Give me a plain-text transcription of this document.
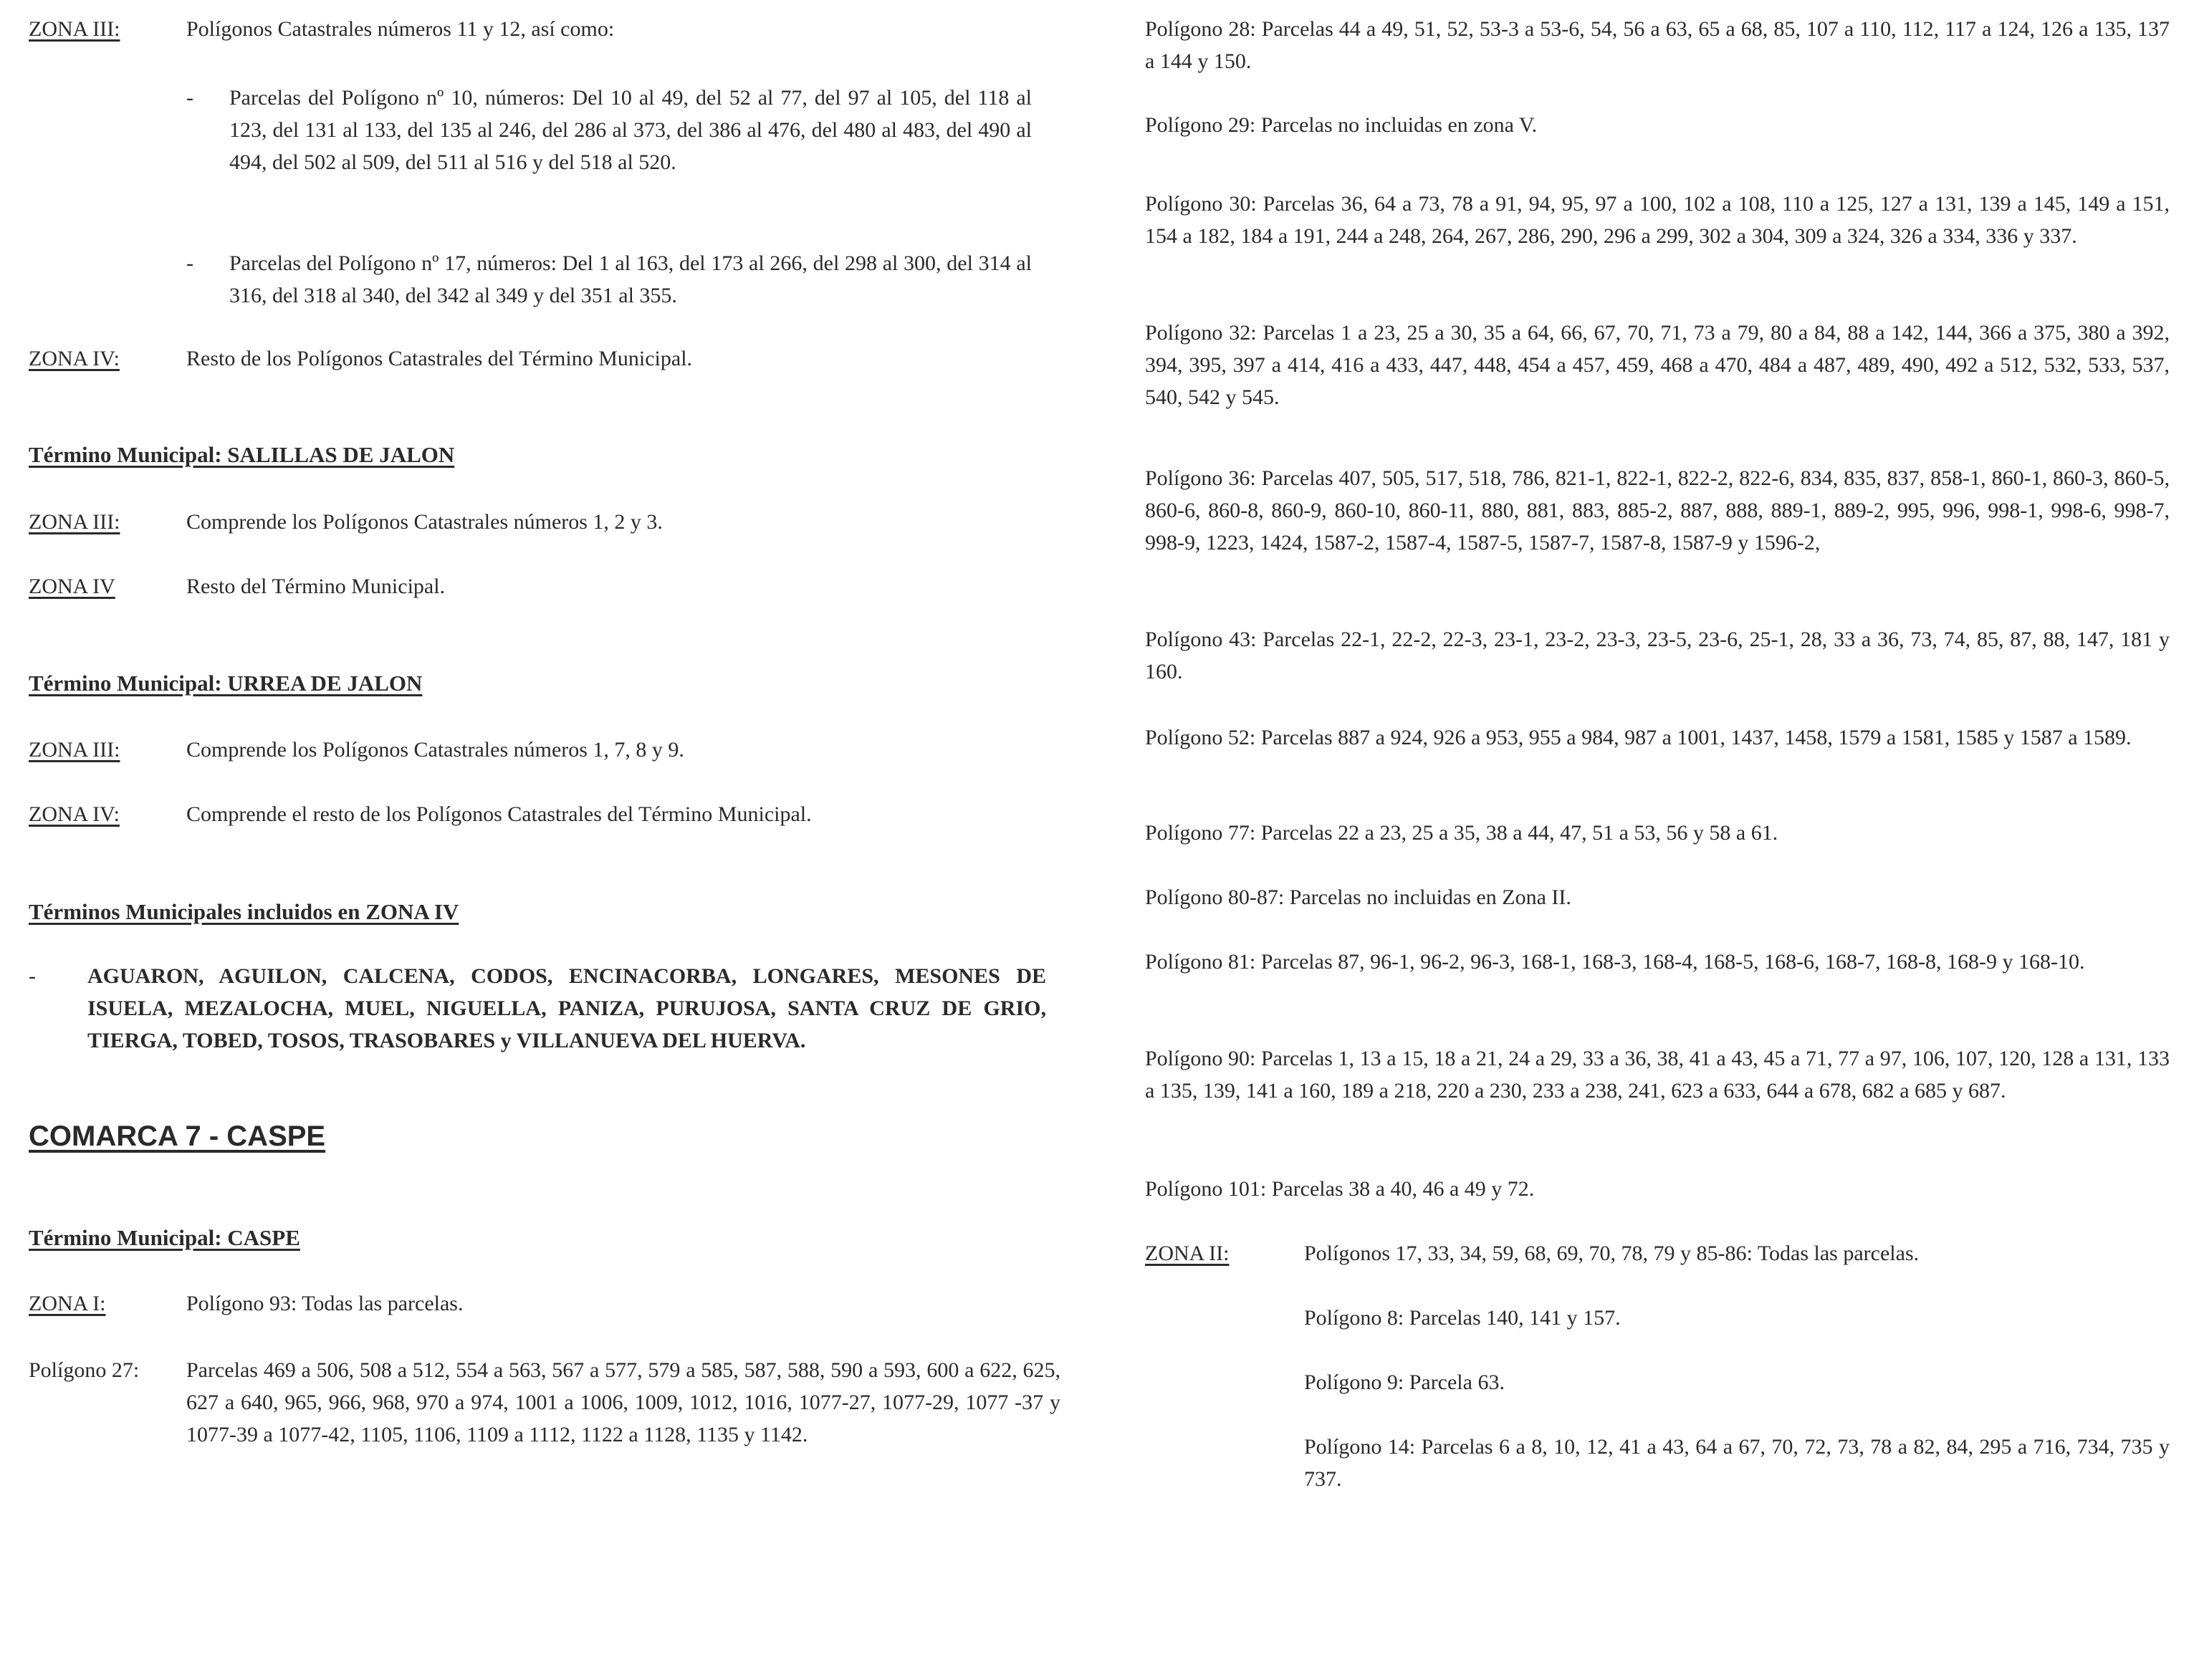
ZONA III:	Polígonos Catastrales números 11 y 12, así como:
- Parcelas del Polígono nº 10, números: Del 10 al 49, del 52 al 77, del 97 al 105, del 118 al 123, del 131 al 133, del 135 al 246, del 286 al 373, del 386 al 476, del 480 al 483, del 490 al 494, del 502 al 509, del 511 al 516 y del 518 al 520.
- Parcelas del Polígono nº 17, números: Del 1 al 163, del 173 al 266, del 298 al 300, del 314 al 316, del 318 al 340, del 342 al 349 y del 351 al 355.
ZONA IV:	Resto de los Polígonos Catastrales del Término Municipal.
Término Municipal: SALILLAS DE JALON
ZONA III:	Comprende los Polígonos Catastrales números 1, 2 y 3.
ZONA IV	Resto del Término Municipal.
Término Municipal: URREA DE JALON
ZONA III:	Comprende los Polígonos Catastrales números 1, 7, 8 y 9.
ZONA IV:	Comprende el resto de los Polígonos Catastrales del Término Municipal.
Términos Municipales incluidos en ZONA IV
- AGUARON, AGUILON, CALCENA, CODOS, ENCINACORBA, LONGARES, MESONES DE ISUELA, MEZALOCHA, MUEL, NIGUELLA, PANIZA, PURUJOSA, SANTA CRUZ DE GRIO, TIERGA, TOBED, TOSOS, TRASOBARES y VILLANUEVA DEL HUERVA.
COMARCA 7 - CASPE
Término Municipal: CASPE
ZONA I:	Polígono 93: Todas las parcelas.
Polígono 27: Parcelas 469 a 506, 508 a 512, 554 a 563, 567 a 577, 579 a 585, 587, 588, 590 a 593, 600 a 622, 625, 627 a 640, 965, 966, 968, 970 a 974, 1001 a 1006, 1009, 1012, 1016, 1077-27, 1077-29, 1077 -37 y 1077-39 a 1077-42, 1105, 1106, 1109 a 1112, 1122 a 1128, 1135 y 1142.
Polígono 28: Parcelas 44 a 49, 51, 52, 53-3 a 53-6, 54, 56 a 63, 65 a 68, 85, 107 a 110, 112, 117 a 124, 126 a 135, 137 a 144 y 150.
Polígono 29: Parcelas no incluidas en zona V.
Polígono 30: Parcelas 36, 64 a 73, 78 a 91, 94, 95, 97 a 100, 102 a 108, 110 a 125, 127 a 131, 139 a 145, 149 a 151, 154 a 182, 184 a 191, 244 a 248, 264, 267, 286, 290, 296 a 299, 302 a 304, 309 a 324, 326 a 334, 336 y 337.
Polígono 32: Parcelas 1 a 23, 25 a 30, 35 a 64, 66, 67, 70, 71, 73 a 79, 80 a 84, 88 a 142, 144, 366 a 375, 380 a 392, 394, 395, 397 a 414, 416 a 433, 447, 448, 454 a 457, 459, 468 a 470, 484 a 487, 489, 490, 492 a 512, 532, 533, 537, 540, 542 y 545.
Polígono 36: Parcelas 407, 505, 517, 518, 786, 821-1, 822-1, 822-2, 822-6, 834, 835, 837, 858-1, 860-1, 860-3, 860-5, 860-6, 860-8, 860-9, 860-10, 860-11, 880, 881, 883, 885-2, 887, 888, 889-1, 889-2, 995, 996, 998-1, 998-6, 998-7, 998-9, 1223, 1424, 1587-2, 1587-4, 1587-5, 1587-7, 1587-8, 1587-9 y 1596-2,
Polígono 43: Parcelas 22-1, 22-2, 22-3, 23-1, 23-2, 23-3, 23-5, 23-6, 25-1, 28, 33 a 36, 73, 74, 85, 87, 88, 147, 181 y 160.
Polígono 52: Parcelas 887 a 924, 926 a 953, 955 a 984, 987 a 1001, 1437, 1458, 1579 a 1581, 1585 y 1587 a 1589.
Polígono 77: Parcelas 22 a 23, 25 a 35, 38 a 44, 47, 51 a 53, 56 y 58 a 61.
Polígono 80-87: Parcelas no incluidas en Zona II.
Polígono 81: Parcelas 87, 96-1, 96-2, 96-3, 168-1, 168-3, 168-4, 168-5, 168-6, 168-7, 168-8, 168-9 y 168-10.
Polígono 90: Parcelas 1, 13 a 15, 18 a 21, 24 a 29, 33 a 36, 38, 41 a 43, 45 a 71, 77 a 97, 106, 107, 120, 128 a 131, 133 a 135, 139, 141 a 160, 189 a 218, 220 a 230, 233 a 238, 241, 623 a 633, 644 a 678, 682 a 685 y 687.
Polígono 101: Parcelas 38 a 40, 46 a 49 y 72.
ZONA II:	Polígonos 17, 33, 34, 59, 68, 69, 70, 78, 79 y 85-86: Todas las parcelas.
Polígono 8: Parcelas 140, 141 y 157.
Polígono 9: Parcela 63.
Polígono 14: Parcelas 6 a 8, 10, 12, 41 a 43, 64 a 67, 70, 72, 73, 78 a 82, 84, 295 a 716, 734, 735 y 737.
